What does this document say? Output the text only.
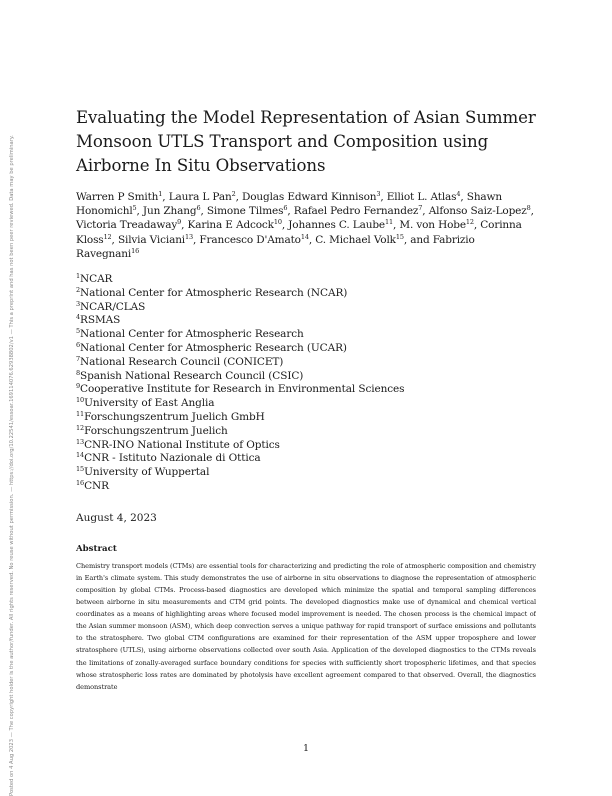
Posted on 4 Aug 2023 — The copyright holder is the author/funder. All rights reserved. No reuse without permission. — https://doi.org/10.22541/essoar.169114076.62938802/v1 — This a preprint and has not been peer reviewed. Data may be preliminary.
Evaluating the Model Representation of Asian Summer Monsoon UTLS Transport and Composition using Airborne In Situ Observations
Warren P Smith$^1$, Laura L Pan$^2$, Douglas Edward Kinnison$^3$, Elliot L. Atlas$^4$, Shawn Honomichl$^5$, Jun Zhang$^6$, Simone Tilmes$^6$, Rafael Pedro Fernandez$^7$, Alfonso Saiz-Lopez$^8$, Victoria Treadaway$^9$, Karina E Adcock$^{10}$, Johannes C. Laube$^{11}$, M. von Hobe$^{12}$, Corinna Kloss$^{12}$, Silvia Viciani$^{13}$, Francesco D'Amato$^{14}$, C. Michael Volk$^{15}$, and Fabrizio Ravegnani$^{16}$
$^1$NCAR
$^2$National Center for Atmospheric Research (NCAR)
$^3$NCAR/CLAS
$^4$RSMAS
$^5$National Center for Atmospheric Research
$^6$National Center for Atmospheric Research (UCAR)
$^7$National Research Council (CONICET)
$^8$Spanish National Research Council (CSIC)
$^9$Cooperative Institute for Research in Environmental Sciences
$^{10}$University of East Anglia
$^{11}$Forschungszentrum Juelich GmbH
$^{12}$Forschungszentrum Juelich
$^{13}$CNR-INO National Institute of Optics
$^{14}$CNR - Istituto Nazionale di Ottica
$^{15}$University of Wuppertal
$^{16}$CNR
August 4, 2023
Abstract
Chemistry transport models (CTMs) are essential tools for characterizing and predicting the role of atmospheric composition and chemistry in Earth's climate system. This study demonstrates the use of airborne in situ observations to diagnose the representation of atmospheric composition by global CTMs. Process-based diagnostics are developed which minimize the spatial and temporal sampling differences between airborne in situ measurements and CTM grid points. The developed diagnostics make use of dynamical and chemical vertical coordinates as a means of highlighting areas where focused model improvement is needed. The chosen process is the chemical impact of the Asian summer monsoon (ASM), which deep convection serves a unique pathway for rapid transport of surface emissions and pollutants to the stratosphere. Two global CTM configurations are examined for their representation of the ASM upper troposphere and lower stratosphere (UTLS), using airborne observations collected over south Asia. Application of the developed diagnostics to the CTMs reveals the limitations of zonally-averaged surface boundary conditions for species with sufficiently short tropospheric lifetimes, and that species whose stratospheric loss rates are dominated by photolysis have excellent agreement compared to that observed. Overall, the diagnostics demonstrate
1
